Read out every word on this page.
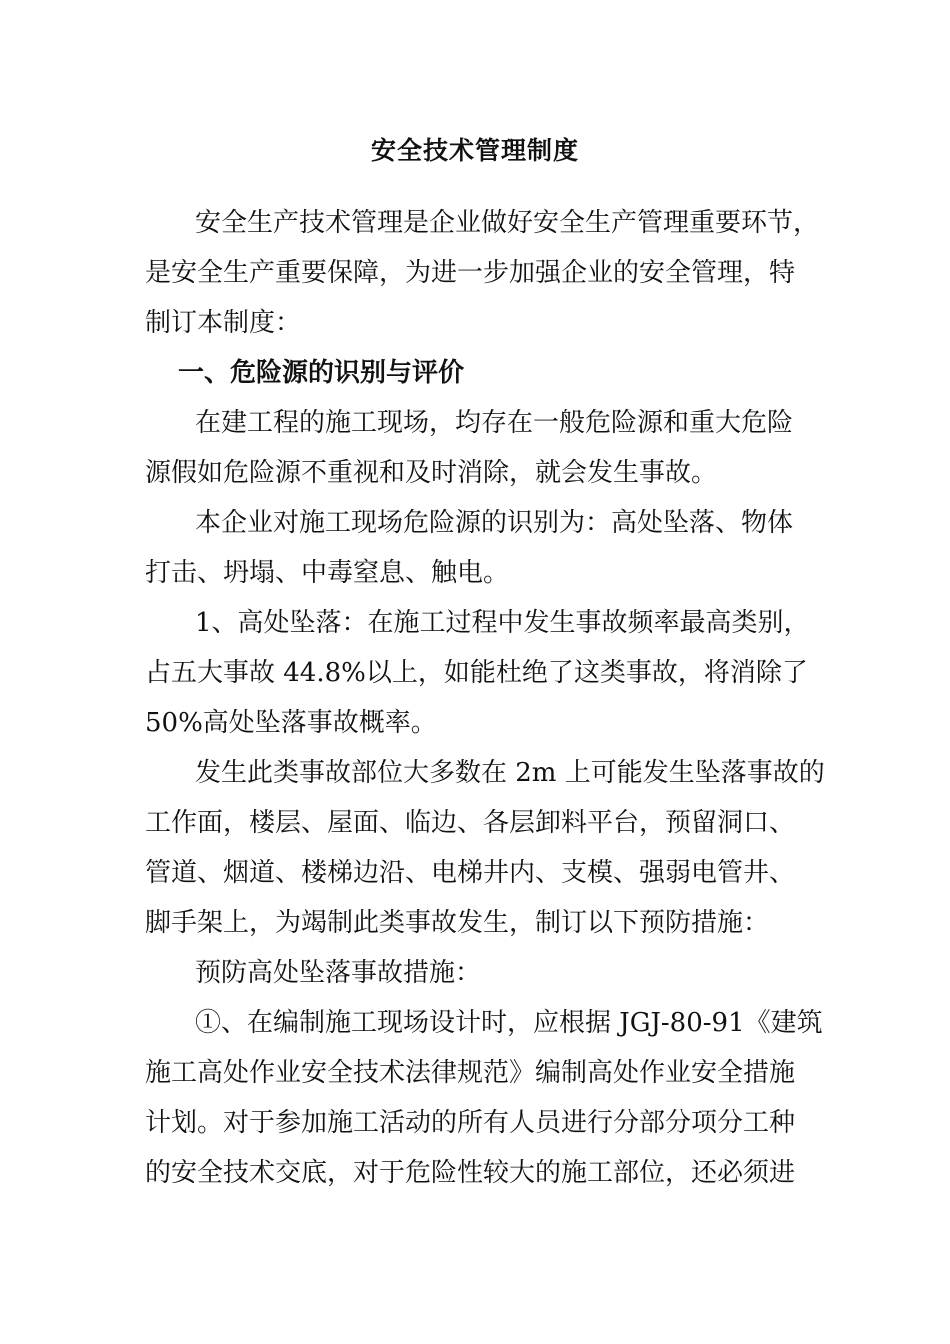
安全技术管理制度
安全生产技术管理是企业做好安全生产管理重要环节，
是安全生产重要保障，为进一步加强企业的安全管理，特
制订本制度：
一、危险源的识别与评价
在建工程的施工现场，均存在一般危险源和重大危险
源假如危险源不重视和及时消除，就会发生事故。
本企业对施工现场危险源的识别为：高处坠落、物体
打击、坍塌、中毒窒息、触电。
1、高处坠落：在施工过程中发生事故频率最高类别，
占五大事故 44.8%以上，如能杜绝了这类事故，将消除了
50%高处坠落事故概率。
发生此类事故部位大多数在 2m 上可能发生坠落事故的
工作面，楼层、屋面、临边、各层卸料平台，预留洞口、
管道、烟道、楼梯边沿、电梯井内、支模、强弱电管井、
脚手架上，为竭制此类事故发生，制订以下预防措施：
预防高处坠落事故措施：
①、在编制施工现场设计时，应根据 JGJ-80-91《建筑
施工高处作业安全技术法律规范》编制高处作业安全措施
计划。对于参加施工活动的所有人员进行分部分项分工种
的安全技术交底，对于危险性较大的施工部位，还必须进
